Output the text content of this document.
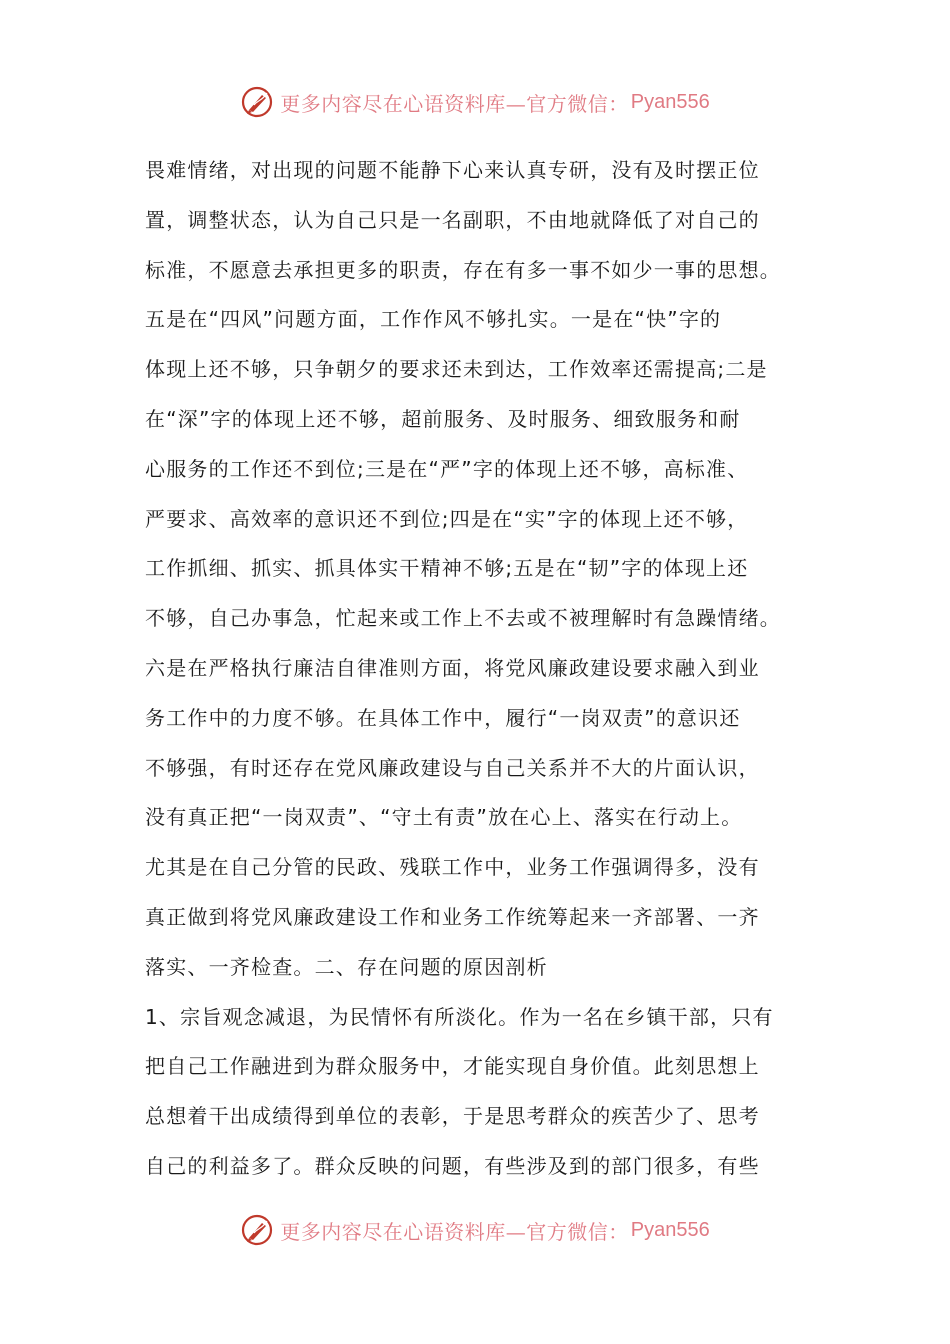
更多内容尽在心语资料库—官方微信： Pyan556
畏难情绪，对出现的问题不能静下心来认真专研，没有及时摆正位
置，调整状态，认为自己只是一名副职，不由地就降低了对自己的
标准，不愿意去承担更多的职责，存在有多一事不如少一事的思想。
五是在“四风”问题方面，工作作风不够扎实。一是在“快”字的
体现上还不够，只争朝夕的要求还未到达，工作效率还需提高;二是
在“深”字的体现上还不够，超前服务、及时服务、细致服务和耐
心服务的工作还不到位;三是在“严”字的体现上还不够，高标准、
严要求、高效率的意识还不到位;四是在“实”字的体现上还不够，
工作抓细、抓实、抓具体实干精神不够;五是在“韧”字的体现上还
不够，自己办事急，忙起来或工作上不去或不被理解时有急躁情绪。
六是在严格执行廉洁自律准则方面，将党风廉政建设要求融入到业
务工作中的力度不够。在具体工作中，履行“一岗双责”的意识还
不够强，有时还存在党风廉政建设与自己关系并不大的片面认识，
没有真正把“一岗双责”、“守土有责”放在心上、落实在行动上。
尤其是在自己分管的民政、残联工作中，业务工作强调得多，没有
真正做到将党风廉政建设工作和业务工作统筹起来一齐部署、一齐
落实、一齐检查。二、存在问题的原因剖析
1、宗旨观念减退，为民情怀有所淡化。作为一名在乡镇干部，只有
把自己工作融进到为群众服务中，才能实现自身价值。此刻思想上
总想着干出成绩得到单位的表彰，于是思考群众的疾苦少了、思考
自己的利益多了。群众反映的问题，有些涉及到的部门很多，有些
更多内容尽在心语资料库—官方微信： Pyan556
